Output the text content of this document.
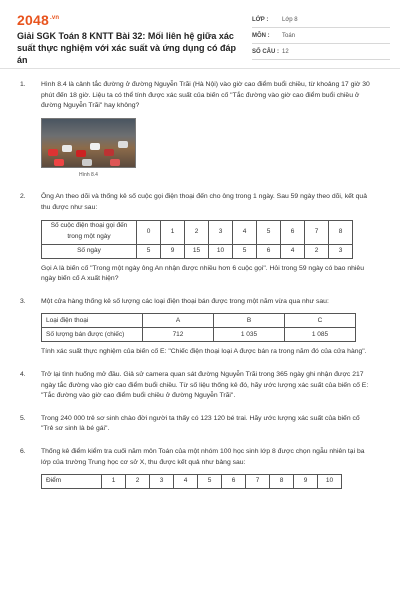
$2048^{.vn}$
Giải SGK Toán 8 KNTT Bài 32: Mối liên hệ giữa xác suất thực nghiệm với xác suất và ứng dụng có đáp án
LỚP : Lớp 8
MÔN : Toán
SỐ CÂU : 12
1. Hình 8.4 là cảnh tắc đường ở đường Nguyễn Trãi (Hà Nội) vào giờ cao điểm buổi chiều, từ khoảng 17 giờ 30 phút đến 18 giờ. Liệu ta có thể tính được xác suất của biến cố "Tắc đường vào giờ cao điểm buổi chiều ở đường Nguyễn Trãi" hay không?

Hình 8.4
2. Ông An theo dõi và thống kê số cuộc gọi điện thoại đến cho ông trong 1 ngày. Sau 59 ngày theo dõi, kết quả thu được như sau:

Số cuộc điện thoại gọi đến trong một ngày	0	1	2	3	4	5	6	7	8
Số ngày	5	9	15	10	5	6	4	2	3

Gọi A là biến cố "Trong một ngày ông An nhận được nhiều hơn 6 cuộc gọi". Hỏi trong 59 ngày có bao nhiêu ngày biến cố A xuất hiện?

3. Một cửa hàng thống kê số lượng các loại điện thoại bán được trong một năm vừa qua như sau:

Loại điện thoại	A	B	C
Số lượng bán được (chiếc)	712	1 035	1 085

Tính xác suất thực nghiệm của biến cố E: "Chiếc điện thoại loại A được bán ra trong năm đó của cửa hàng".

4. Trở lại tình huống mở đầu. Giả sử camera quan sát đường Nguyễn Trãi trong 365 ngày ghi nhận được 217 ngày tắc đường vào giờ cao điểm buổi chiều. Từ số liệu thống kê đó, hãy ước lượng xác suất của biến cố E: "Tắc đường vào giờ cao điểm buổi chiều ở đường Nguyễn Trãi".

5. Trong 240 000 trẻ sơ sinh chào đời người ta thấy có 123 120 bé trai. Hãy ước lượng xác suất của biến cố "Trẻ sơ sinh là bé gái".

6. Thống kê điểm kiểm tra cuối năm môn Toán của một nhóm 100 học sinh lớp 8 được chọn ngẫu nhiên tại ba lớp của trường Trung học cơ sở X, thu được kết quả như bảng sau:

Điểm	1	2	3	4	5	6	7	8	9	10
